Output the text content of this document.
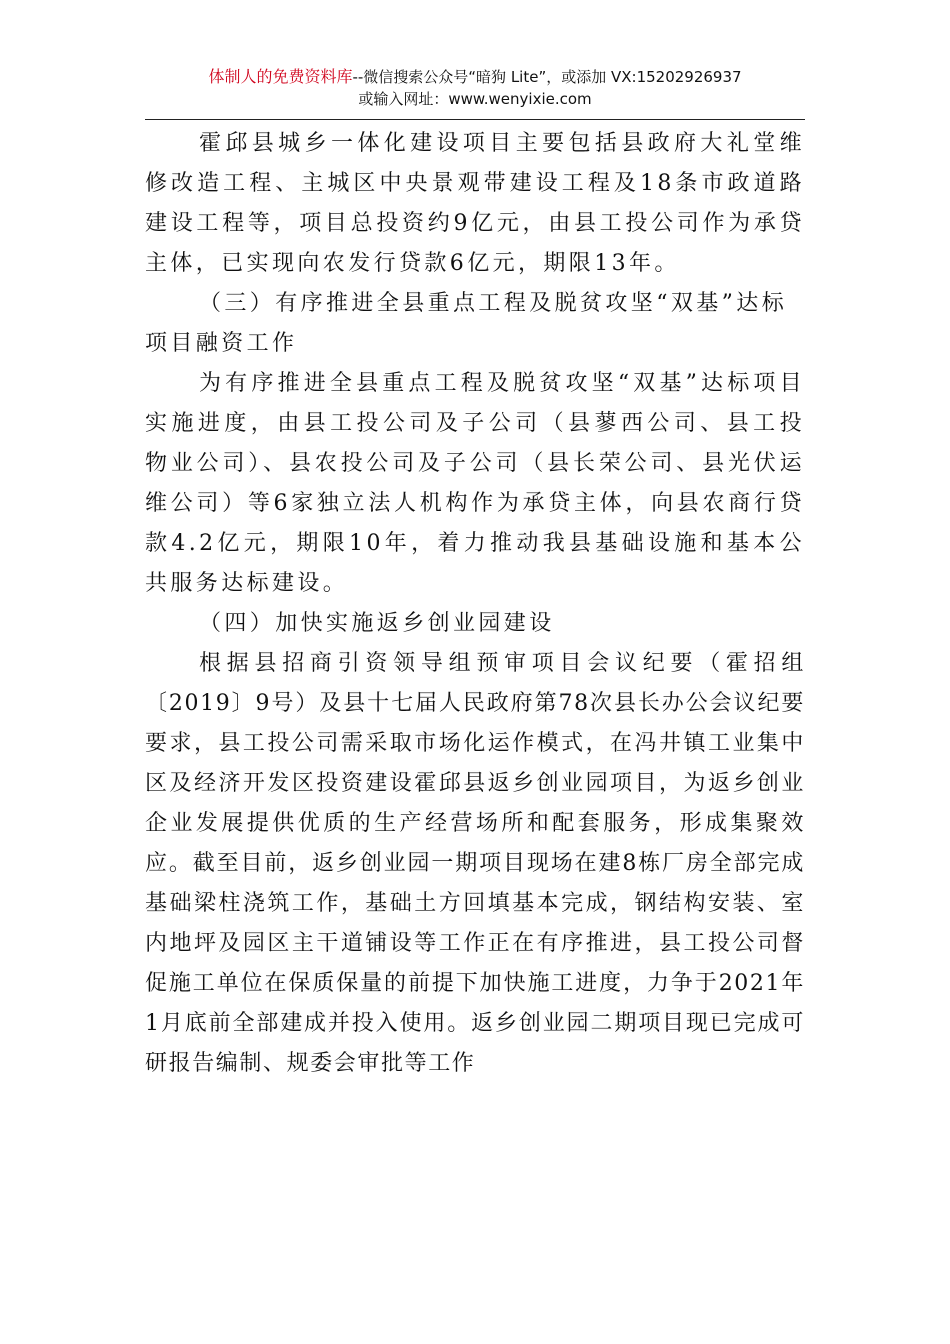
体制人的免费资料库--微信搜索公众号“暗狗 Lite”，或添加 VX:15202926937
或输入网址：www.wenyixie.com

霍邱县城乡一体化建设项目主要包括县政府大礼堂维修改造工程、主城区中央景观带建设工程及18条市政道路建设工程等，项目总投资约9亿元，由县工投公司作为承贷主体，已实现向农发行贷款6亿元，期限13年。

（三）有序推进全县重点工程及脱贫攻坚“双基”达标项目融资工作

为有序推进全县重点工程及脱贫攻坚“双基”达标项目实施进度，由县工投公司及子公司（县蓼西公司、县工投物业公司）、县农投公司及子公司（县长荣公司、县光伏运维公司）等6家独立法人机构作为承贷主体，向县农商行贷款4.2亿元，期限10年，着力推动我县基础设施和基本公共服务达标建设。

（四）加快实施返乡创业园建设

根据县招商引资领导组预审项目会议纪要（霍招组〔2019〕9号）及县十七届人民政府第78次县长办公会议纪要要求，县工投公司需采取市场化运作模式，在冯井镇工业集中区及经济开发区投资建设霍邱县返乡创业园项目，为返乡创业企业发展提供优质的生产经营场所和配套服务，形成集聚效应。截至目前，返乡创业园一期项目现场在建8栋厂房全部完成基础梁柱浇筑工作，基础土方回填基本完成，钢结构安装、室内地坪及园区主干道铺设等工作正在有序推进，县工投公司督促施工单位在保质保量的前提下加快施工进度，力争于2021年1月底前全部建成并投入使用。返乡创业园二期项目现已完成可研报告编制、规委会审批等工作
